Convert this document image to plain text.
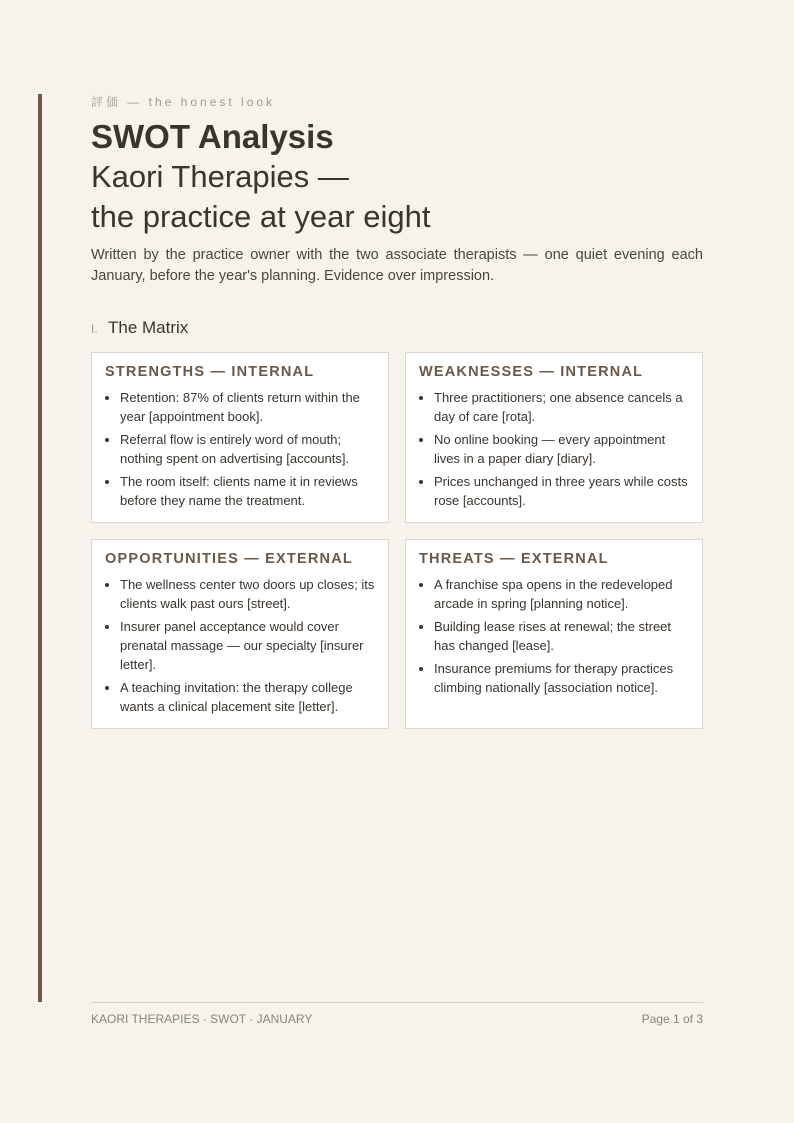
評価 — the honest look

SWOT Analysis
Kaori Therapies —
the practice at year eight

Written by the practice owner with the two associate therapists — one quiet evening each January, before the year's planning. Evidence over impression.

I. The Matrix
STRENGTHS — INTERNAL
• Retention: 87% of clients return within the year [appointment book].
• Referral flow is entirely word of mouth; nothing spent on advertising [accounts].
• The room itself: clients name it in reviews before they name the treatment.
WEAKNESSES — INTERNAL
• Three practitioners; one absence cancels a day of care [rota].
• No online booking — every appointment lives in a paper diary [diary].
• Prices unchanged in three years while costs rose [accounts].
OPPORTUNITIES — EXTERNAL
• The wellness center two doors up closes; its clients walk past ours [street].
• Insurer panel acceptance would cover prenatal massage — our specialty [insurer letter].
• A teaching invitation: the therapy college wants a clinical placement site [letter].
THREATS — EXTERNAL
• A franchise spa opens in the redeveloped arcade in spring [planning notice].
• Building lease rises at renewal; the street has changed [lease].
• Insurance premiums for therapy practices climbing nationally [association notice].
KAORI THERAPIES · SWOT · JANUARY	Page 1 of 3
